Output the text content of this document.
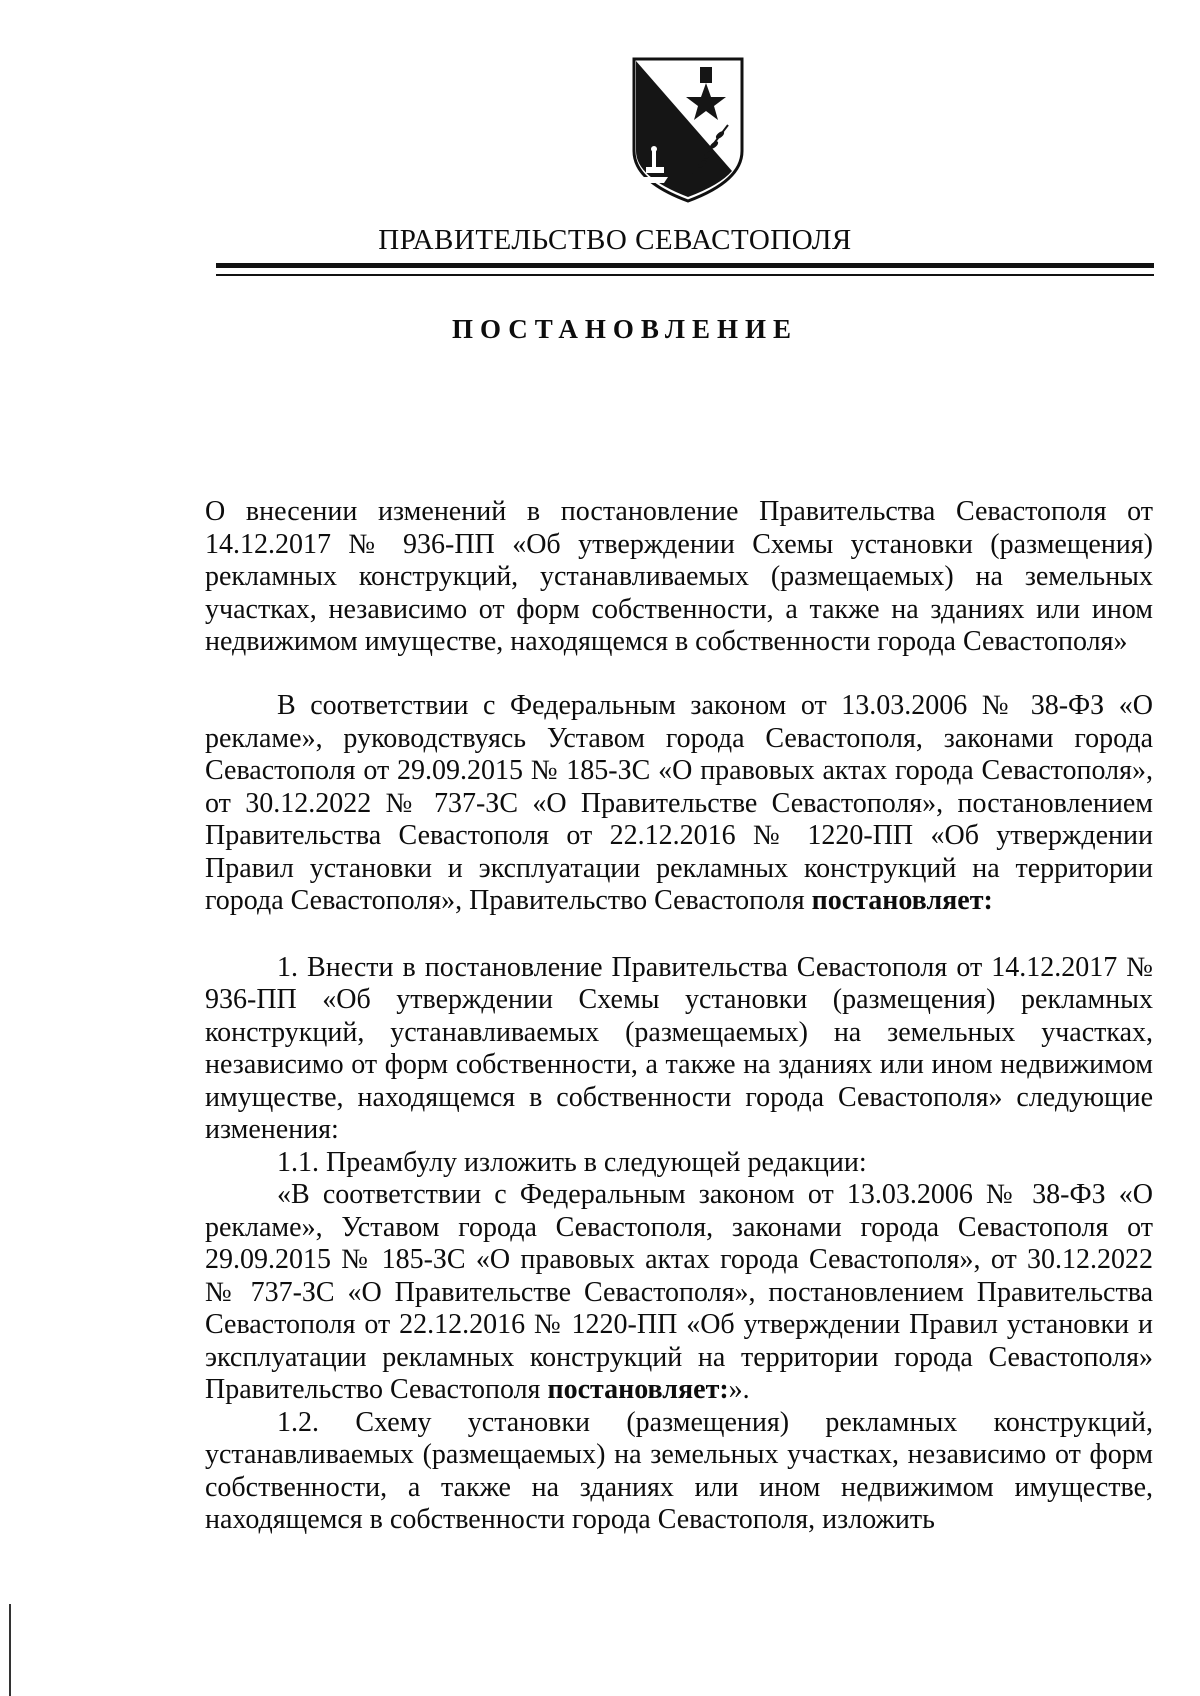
ПРАВИТЕЛЬСТВО СЕВАСТОПОЛЯ
ПОСТАНОВЛЕНИЕ
О внесении изменений в постановление Правительства Севастополя от 14.12.2017 № 936-ПП «Об утверждении Схемы установки (размещения) рекламных конструкций, устанавливаемых (размещаемых) на земельных участках, независимо от форм собственности, а также на зданиях или ином недвижимом имуществе, находящемся в собственности города Севастополя»

В соответствии с Федеральным законом от 13.03.2006 № 38-ФЗ «О рекламе», руководствуясь Уставом города Севастополя, законами города Севастополя от 29.09.2015 № 185-ЗС «О правовых актах города Севастополя», от 30.12.2022 № 737-ЗС «О Правительстве Севастополя», постановлением Правительства Севастополя от 22.12.2016 № 1220-ПП «Об утверждении Правил установки и эксплуатации рекламных конструкций на территории города Севастополя», Правительство Севастополя постановляет:

1. Внести в постановление Правительства Севастополя от 14.12.2017 № 936-ПП «Об утверждении Схемы установки (размещения) рекламных конструкций, устанавливаемых (размещаемых) на земельных участках, независимо от форм собственности, а также на зданиях или ином недвижимом имуществе, находящемся в собственности города Севастополя» следующие изменения:

1.1. Преамбулу изложить в следующей редакции:

«В соответствии с Федеральным законом от 13.03.2006 № 38-ФЗ «О рекламе», Уставом города Севастополя, законами города Севастополя от 29.09.2015 № 185-ЗС «О правовых актах города Севастополя», от 30.12.2022 № 737-ЗС «О Правительстве Севастополя», постановлением Правительства Севастополя от 22.12.2016 № 1220-ПП «Об утверждении Правил установки и эксплуатации рекламных конструкций на территории города Севастополя» Правительство Севастополя постановляет:».

1.2. Схему установки (размещения) рекламных конструкций, устанавливаемых (размещаемых) на земельных участках, независимо от форм собственности, а также на зданиях или ином недвижимом имуществе, находящемся в собственности города Севастополя, изложить
